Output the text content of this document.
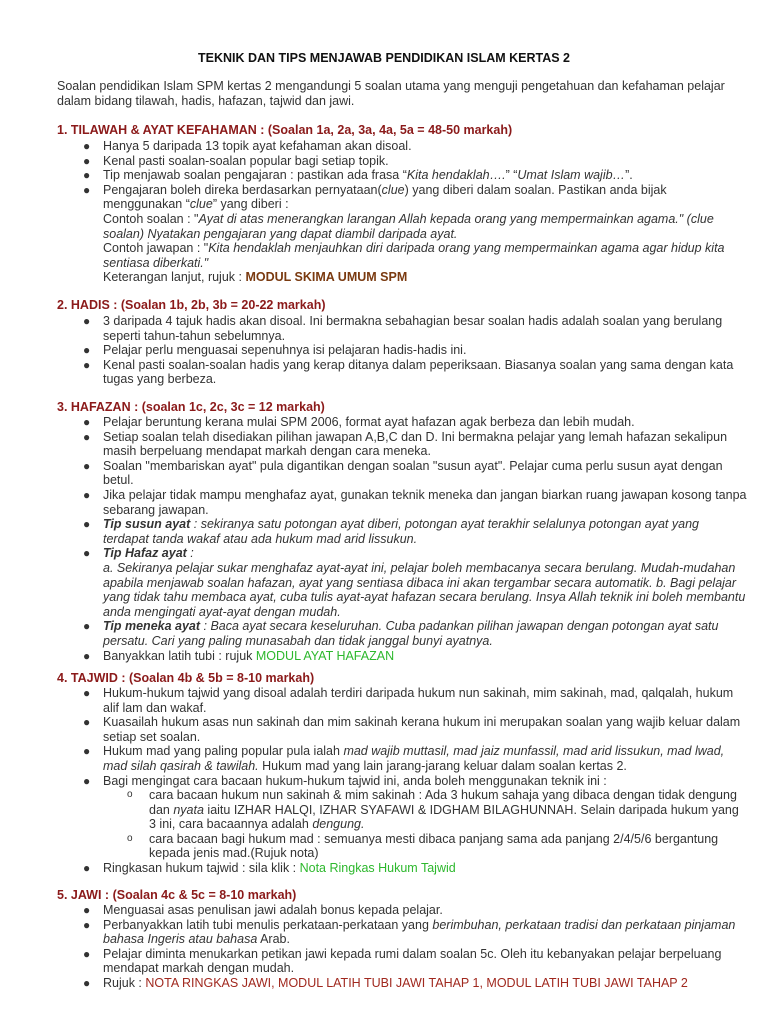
TEKNIK DAN TIPS MENJAWAB PENDIDIKAN ISLAM KERTAS 2
Soalan pendidikan Islam SPM kertas 2 mengandungi 5 soalan utama yang menguji pengetahuan dan kefahaman pelajar dalam bidang tilawah, hadis, hafazan, tajwid dan jawi.
1. TILAWAH & AYAT KEFAHAMAN : (Soalan 1a, 2a, 3a, 4a, 5a = 48-50 markah)
● Hanya 5 daripada 13 topik ayat kefahaman akan disoal.
● Kenal pasti soalan-soalan popular bagi setiap topik.
● Tip menjawab soalan pengajaran : pastikan ada frasa “Kita hendaklah….” “Umat Islam wajib…”.
● Pengajaran boleh direka berdasarkan pernyataan(clue) yang diberi dalam soalan. Pastikan anda bijak menggunakan “clue” yang diberi :
Contoh soalan : "Ayat di atas menerangkan larangan Allah kepada orang yang mempermainkan agama." (clue soalan) Nyatakan pengajaran yang dapat diambil daripada ayat.
Contoh jawapan : "Kita hendaklah menjauhkan diri daripada orang yang mempermainkan agama agar hidup kita sentiasa diberkati."
Keterangan lanjut, rujuk : MODUL SKIMA UMUM SPM
2. HADIS : (Soalan 1b, 2b, 3b = 20-22 markah)
● 3 daripada 4 tajuk hadis akan disoal. Ini bermakna sebahagian besar soalan hadis adalah soalan yang berulang seperti tahun-tahun sebelumnya.
● Pelajar perlu menguasai sepenuhnya isi pelajaran hadis-hadis ini.
● Kenal pasti soalan-soalan hadis yang kerap ditanya dalam peperiksaan. Biasanya soalan yang sama dengan kata tugas yang berbeza.
3. HAFAZAN : (soalan 1c, 2c, 3c = 12 markah)
● Pelajar beruntung kerana mulai SPM 2006, format ayat hafazan agak berbeza dan lebih mudah.
● Setiap soalan telah disediakan pilihan jawapan A,B,C dan D. Ini bermakna pelajar yang lemah hafazan sekalipun masih berpeluang mendapat markah dengan cara meneka.
● Soalan "membariskan ayat" pula digantikan dengan soalan "susun ayat". Pelajar cuma perlu susun ayat dengan betul.
● Jika pelajar tidak mampu menghafaz ayat, gunakan teknik meneka dan jangan biarkan ruang jawapan kosong tanpa sebarang jawapan.
● Tip susun ayat : sekiranya satu potongan ayat diberi, potongan ayat terakhir selalunya potongan ayat yang terdapat tanda wakaf atau ada hukum mad arid lissukun.
● Tip Hafaz ayat :
a. Sekiranya pelajar sukar menghafaz ayat-ayat ini, pelajar boleh membacanya secara berulang. Mudah-mudahan apabila menjawab soalan hafazan, ayat yang sentiasa dibaca ini akan tergambar secara automatik. b. Bagi pelajar yang tidak tahu membaca ayat, cuba tulis ayat-ayat hafazan secara berulang. Insya Allah teknik ini boleh membantu anda mengingati ayat-ayat dengan mudah.
● Tip meneka ayat : Baca ayat secara keseluruhan. Cuba padankan pilihan jawapan dengan potongan ayat satu persatu. Cari yang paling munasabah dan tidak janggal bunyi ayatnya.
● Banyakkan latih tubi : rujuk MODUL AYAT HAFAZAN
4. TAJWID : (Soalan 4b & 5b = 8-10 markah)
● Hukum-hukum tajwid yang disoal adalah terdiri daripada hukum nun sakinah, mim sakinah, mad, qalqalah, hukum alif lam dan wakaf.
● Kuasailah hukum asas nun sakinah dan mim sakinah kerana hukum ini merupakan soalan yang wajib keluar dalam setiap set soalan.
● Hukum mad yang paling popular pula ialah mad wajib muttasil, mad jaiz munfassil, mad arid lissukun, mad lwad, mad silah qasirah & tawilah. Hukum mad yang lain jarang-jarang keluar dalam soalan kertas 2.
● Bagi mengingat cara bacaan hukum-hukum tajwid ini, anda boleh menggunakan teknik ini :
o cara bacaan hukum nun sakinah & mim sakinah : Ada 3 hukum sahaja yang dibaca dengan tidak dengung dan nyata iaitu IZHAR HALQI, IZHAR SYAFAWI & IDGHAM BILAGHUNNAH. Selain daripada hukum yang 3 ini, cara bacaannya adalah dengung.
o cara bacaan bagi hukum mad : semuanya mesti dibaca panjang sama ada panjang 2/4/5/6 bergantung kepada jenis mad.(Rujuk nota)
● Ringkasan hukum tajwid : sila klik : Nota Ringkas Hukum Tajwid
5. JAWI : (Soalan 4c & 5c = 8-10 markah)
● Menguasai asas penulisan jawi adalah bonus kepada pelajar.
● Perbanyakkan latih tubi menulis perkataan-perkataan yang berimbuhan, perkataan tradisi dan perkataan pinjaman bahasa Ingeris atau bahasa Arab.
● Pelajar diminta menukarkan petikan jawi kepada rumi dalam soalan 5c. Oleh itu kebanyakan pelajar berpeluang mendapat markah dengan mudah.
● Rujuk : NOTA RINGKAS JAWI, MODUL LATIH TUBI JAWI TAHAP 1, MODUL LATIH TUBI JAWI TAHAP 2
